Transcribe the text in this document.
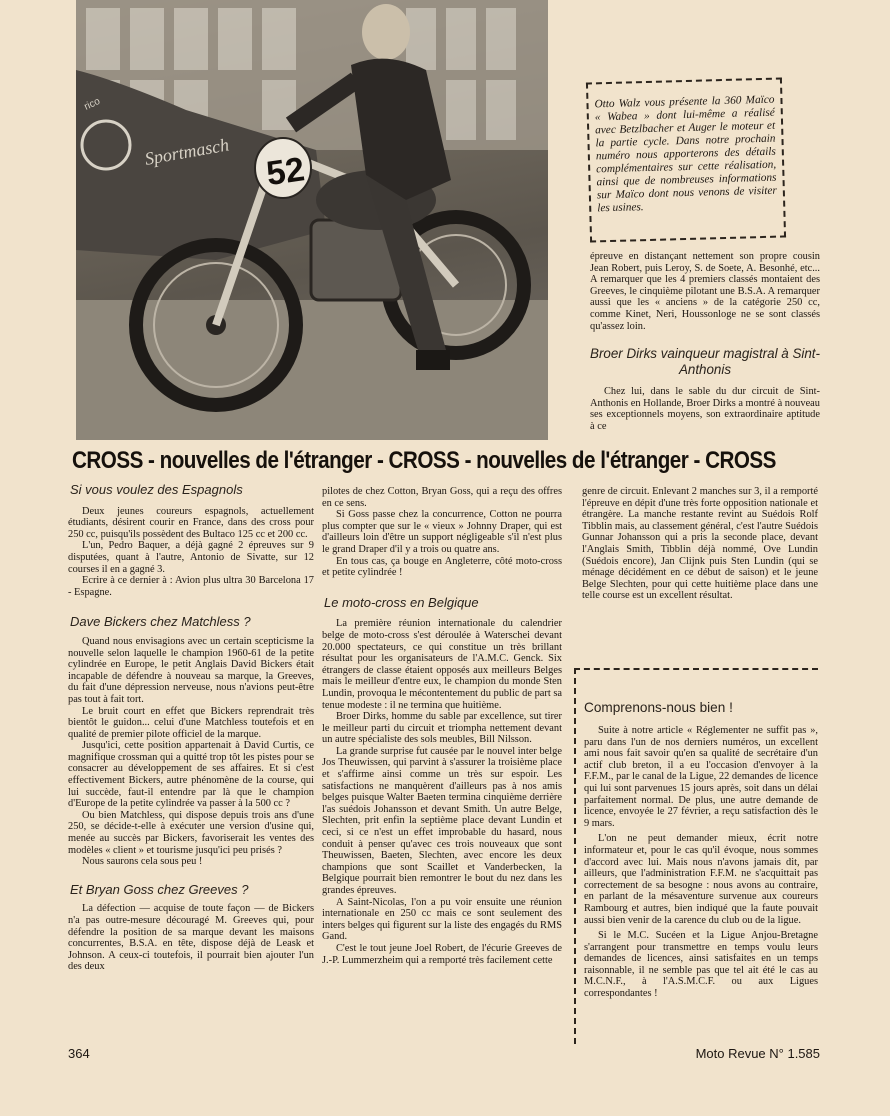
Sportmasch
rico
52
Otto Walz vous présente la 360 Maïco « Wabea » dont lui-même a réalisé avec Betzlbacher et Auger le moteur et la partie cycle. Dans notre prochain numéro nous apporterons des détails complémentaires sur cette réalisation, ainsi que de nombreuses informations sur Maïco dont nous venons de visiter les usines.

épreuve en distançant nettement son propre cousin Jean Robert, puis Leroy, S. de Soete, A. Besonhé, etc... A remarquer que les 4 premiers classés montaient des Greeves, le cinquième pilotant une B.S.A. A remarquer aussi que les « anciens » de la catégorie 250 cc, comme Kinet, Neri, Houssonloge ne se sont classés qu'assez loin.

Broer Dirks vainqueur magistral à Sint-Anthonis

Chez lui, dans le sable du dur circuit de Sint-Anthonis en Hollande, Broer Dirks a montré à nouveau ses exceptionnels moyens, son extraordinaire aptitude à ce

CROSS - nouvelles de l'étranger - CROSS - nouvelles de l'étranger - CROSS
Si vous voulez des Espagnols

Deux jeunes coureurs espagnols, actuellement étudiants, désirent courir en France, dans des cross pour 250 cc, puisqu'ils possèdent des Bultaco 125 cc et 200 cc.

L'un, Pedro Baquer, a déjà gagné 2 épreuves sur 9 disputées, quant à l'autre, Antonio de Sivatte, sur 12 courses il en a gagné 3.

Ecrire à ce dernier à : Avion plus ultra 30 Barcelona 17 - Espagne.

Dave Bickers chez Matchless ?

Quand nous envisagions avec un certain scepticisme la nouvelle selon laquelle le champion 1960-61 de la petite cylindrée en Europe, le petit Anglais David Bickers était incapable de défendre à nouveau sa marque, la Greeves, du fait d'une dépression nerveuse, nous n'avions peut-être pas tout à fait tort.

Le bruit court en effet que Bickers reprendrait très bientôt le guidon... celui d'une Matchless toutefois et en qualité de premier pilote officiel de la marque.

Jusqu'ici, cette position appartenait à David Curtis, ce magnifique crossman qui a quitté trop tôt les pistes pour se consacrer au développement de ses affaires. Et si c'est effectivement Bickers, autre phénomène de la course, qui lui succède, faut-il entendre par là que le champion d'Europe de la petite cylindrée va passer à la 500 cc ?

Ou bien Matchless, qui dispose depuis trois ans d'une 250, se décide-t-elle à exécuter une version d'usine qui, menée au succès par Bickers, favoriserait les ventes des modèles « client » et tourisme jusqu'ici peu prisés ?

Nous saurons cela sous peu !

Et Bryan Goss chez Greeves ?

La défection — acquise de toute façon — de Bickers n'a pas outre-mesure découragé M. Greeves qui, pour défendre la position de sa marque devant les maisons concurrentes, B.S.A. en tête, dispose déjà de Leask et Johnson. A ceux-ci toutefois, il pourrait bien ajouter l'un des deux

pilotes de chez Cotton, Bryan Goss, qui a reçu des offres en ce sens.

Si Goss passe chez la concurrence, Cotton ne pourra plus compter que sur le « vieux » Johnny Draper, qui est d'ailleurs loin d'être un support négligeable s'il n'est plus le grand Draper d'il y a trois ou quatre ans.

En tous cas, ça bouge en Angleterre, côté moto-cross et petite cylindrée !

Le moto-cross en Belgique

La première réunion internationale du calendrier belge de moto-cross s'est déroulée à Waterschei devant 20.000 spectateurs, ce qui constitue un très brillant résultat pour les organisateurs de l'A.M.C. Genck. Six étrangers de classe étaient opposés aux meilleurs Belges mais le meilleur d'entre eux, le champion du monde Sten Lundin, provoqua le mécontentement du public de part sa tenue modeste : il ne termina que huitième.

Broer Dirks, homme du sable par excellence, sut tirer le meilleur parti du circuit et triompha nettement devant un autre spécialiste des sols meubles, Bill Nilsson.

La grande surprise fut causée par le nouvel inter belge Jos Theuwissen, qui parvint à s'assurer la troisième place et s'affirme ainsi comme un très sur espoir. Les satisfactions ne manquèrent d'ailleurs pas à nos amis belges puisque Walter Baeten termina cinquième derrière l'as suédois Johansson et devant Smith. Un autre Belge, Slechten, prit enfin la septième place devant Lundin et ceci, si ce n'est un effet improbable du hasard, nous conduit à penser qu'avec ces trois nouveaux que sont Theuwissen, Baeten, Slechten, avec encore les deux champions que sont Scaillet et Vanderbecken, la Belgique pourrait bien remontrer le bout du nez dans les grandes épreuves.

A Saint-Nicolas, l'on a pu voir ensuite une réunion internationale en 250 cc mais ce sont seulement des inters belges qui figurent sur la liste des engagés du RMS Gand.

C'est le tout jeune Joel Robert, de l'écurie Greeves de J.-P. Lummerzheim qui a remporté très facilement cette

genre de circuit. Enlevant 2 manches sur 3, il a remporté l'épreuve en dépit d'une très forte opposition nationale et étrangère. La manche restante revint au Suédois Rolf Tibblin mais, au classement général, c'est l'autre Suédois Gunnar Johansson qui a pris la seconde place, devant l'Anglais Smith, Tibblin déjà nommé, Ove Lundin (Suédois encore), Jan Clijnk puis Sten Lundin (qui se ménage décidément en ce début de saison) et le jeune Belge Slechten, pour qui cette huitième place dans une telle course est un excellent résultat.

Comprenons-nous bien !

Suite à notre article « Réglementer ne suffit pas », paru dans l'un de nos derniers numéros, un excellent ami nous fait savoir qu'en sa qualité de secrétaire d'un actif club breton, il a eu l'occasion d'envoyer à la F.F.M., par le canal de la Ligue, 22 demandes de licence qui lui sont parvenues 15 jours après, soit dans un délai parfaitement normal. De plus, une autre demande de licence, envoyée le 27 février, a reçu satisfaction dès le 9 mars.

L'on ne peut demander mieux, écrit notre informateur et, pour le cas qu'il évoque, nous sommes d'accord avec lui. Mais nous n'avons jamais dit, par ailleurs, que l'administration F.F.M. ne s'acquittait pas correctement de sa besogne : nous avons au contraire, en parlant de la mésaventure survenue aux coureurs Rambourg et autres, bien indiqué que la faute pouvait aussi bien venir de la carence du club ou de la ligue.

Si le M.C. Sucéen et la Ligue Anjou-Bretagne s'arrangent pour transmettre en temps voulu leurs demandes de licences, ainsi satisfaites en un temps raisonnable, il ne semble pas que tel ait été le cas au M.C.N.F., à l'A.S.M.C.F. ou aux Ligues correspondantes !

364	Moto Revue N° 1.585
